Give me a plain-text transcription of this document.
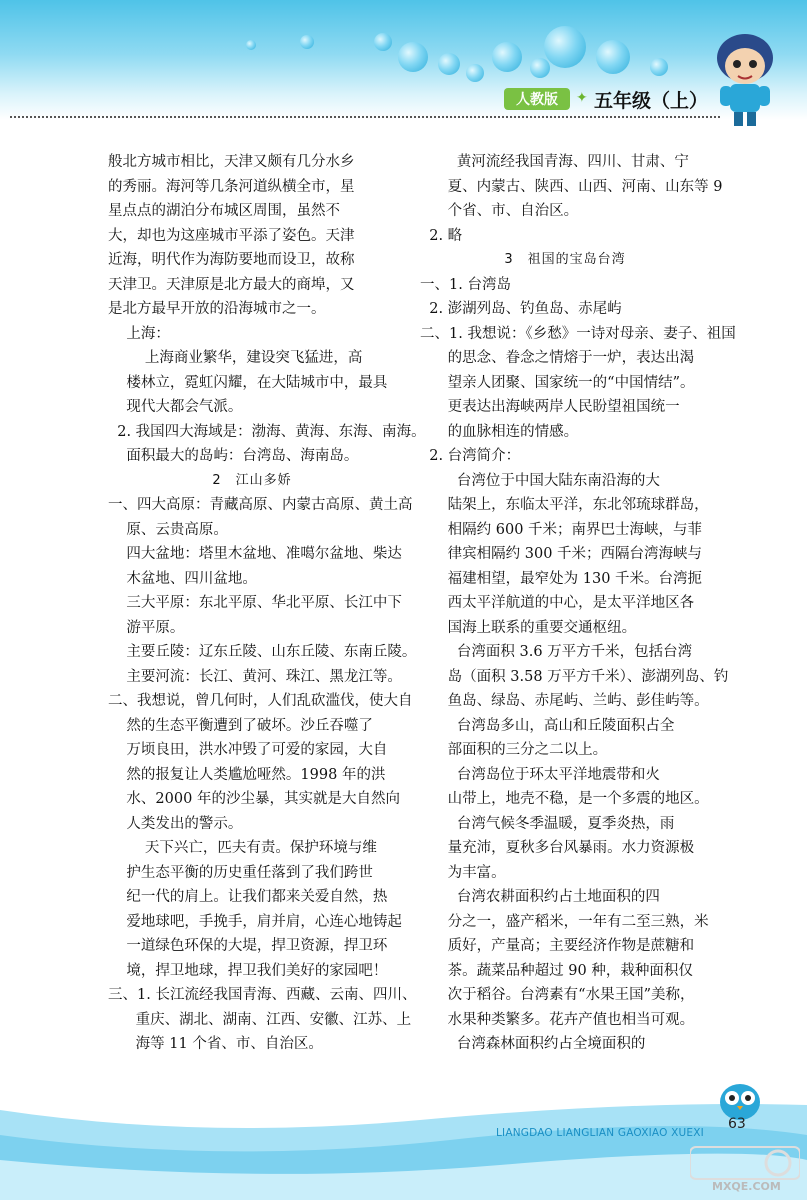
人教版	✦ 五年级（上）
般北方城市相比，天津又颇有几分水乡
的秀丽。海河等几条河道纵横全市，星
星点点的湖泊分布城区周围，虽然不
大，却也为这座城市平添了姿色。天津
近海，明代作为海防要地而设卫，故称
天津卫。天津原是北方最大的商埠，又
是北方最早开放的沿海城市之一。
上海：
上海商业繁华，建设突飞猛进，高
楼林立，霓虹闪耀，在大陆城市中，最具
现代大都会气派。
2. 我国四大海域是：渤海、黄海、东海、南海。
面积最大的岛屿：台湾岛、海南岛。
2　江山多娇
一、四大高原：青藏高原、内蒙古高原、黄土高
原、云贵高原。
四大盆地：塔里木盆地、准噶尔盆地、柴达
木盆地、四川盆地。
三大平原：东北平原、华北平原、长江中下
游平原。
主要丘陵：辽东丘陵、山东丘陵、东南丘陵。
主要河流：长江、黄河、珠江、黑龙江等。
二、我想说，曾几何时，人们乱砍滥伐，使大自
然的生态平衡遭到了破坏。沙丘吞噬了
万顷良田，洪水冲毁了可爱的家园，大自
然的报复让人类尴尬哑然。1998 年的洪
水、2000 年的沙尘暴，其实就是大自然向
人类发出的警示。
天下兴亡，匹夫有责。保护环境与维
护生态平衡的历史重任落到了我们跨世
纪一代的肩上。让我们都来关爱自然，热
爱地球吧，手挽手，肩并肩，心连心地铸起
一道绿色环保的大堤，捍卫资源，捍卫环
境，捍卫地球，捍卫我们美好的家园吧！
三、1. 长江流经我国青海、西藏、云南、四川、
重庆、湖北、湖南、江西、安徽、江苏、上
海等 11 个省、市、自治区。
黄河流经我国青海、四川、甘肃、宁
夏、内蒙古、陕西、山西、河南、山东等 9
个省、市、自治区。
2. 略
3　祖国的宝岛台湾
一、1. 台湾岛
2. 澎湖列岛、钓鱼岛、赤尾屿
二、1. 我想说：《乡愁》一诗对母亲、妻子、祖国
的思念、眷念之情熔于一炉，表达出渴
望亲人团聚、国家统一的“中国情结”。
更表达出海峡两岸人民盼望祖国统一
的血脉相连的情感。
2. 台湾简介：
台湾位于中国大陆东南沿海的大
陆架上，东临太平洋，东北邻琉球群岛，
相隔约 600 千米；南界巴士海峡，与菲
律宾相隔约 300 千米；西隔台湾海峡与
福建相望，最窄处为 130 千米。台湾扼
西太平洋航道的中心，是太平洋地区各
国海上联系的重要交通枢纽。
台湾面积 3.6 万平方千米，包括台湾
岛（面积 3.58 万平方千米）、澎湖列岛、钓
鱼岛、绿岛、赤尾屿、兰屿、彭佳屿等。
台湾岛多山，高山和丘陵面积占全
部面积的三分之二以上。
台湾岛位于环太平洋地震带和火
山带上，地壳不稳，是一个多震的地区。
台湾气候冬季温暖，夏季炎热，雨
量充沛，夏秋多台风暴雨。水力资源极
为丰富。
台湾农耕面积约占土地面积的四
分之一，盛产稻米，一年有二至三熟，米
质好，产量高；主要经济作物是蔗糖和
茶。蔬菜品种超过 90 种，栽种面积仅
次于稻谷。台湾素有“水果王国”美称，
水果种类繁多。花卉产值也相当可观。
台湾森林面积约占全境面积的
LIANGDAO LIANGLIAN GAOXIAO XUEXI
63
MXQE.COM
